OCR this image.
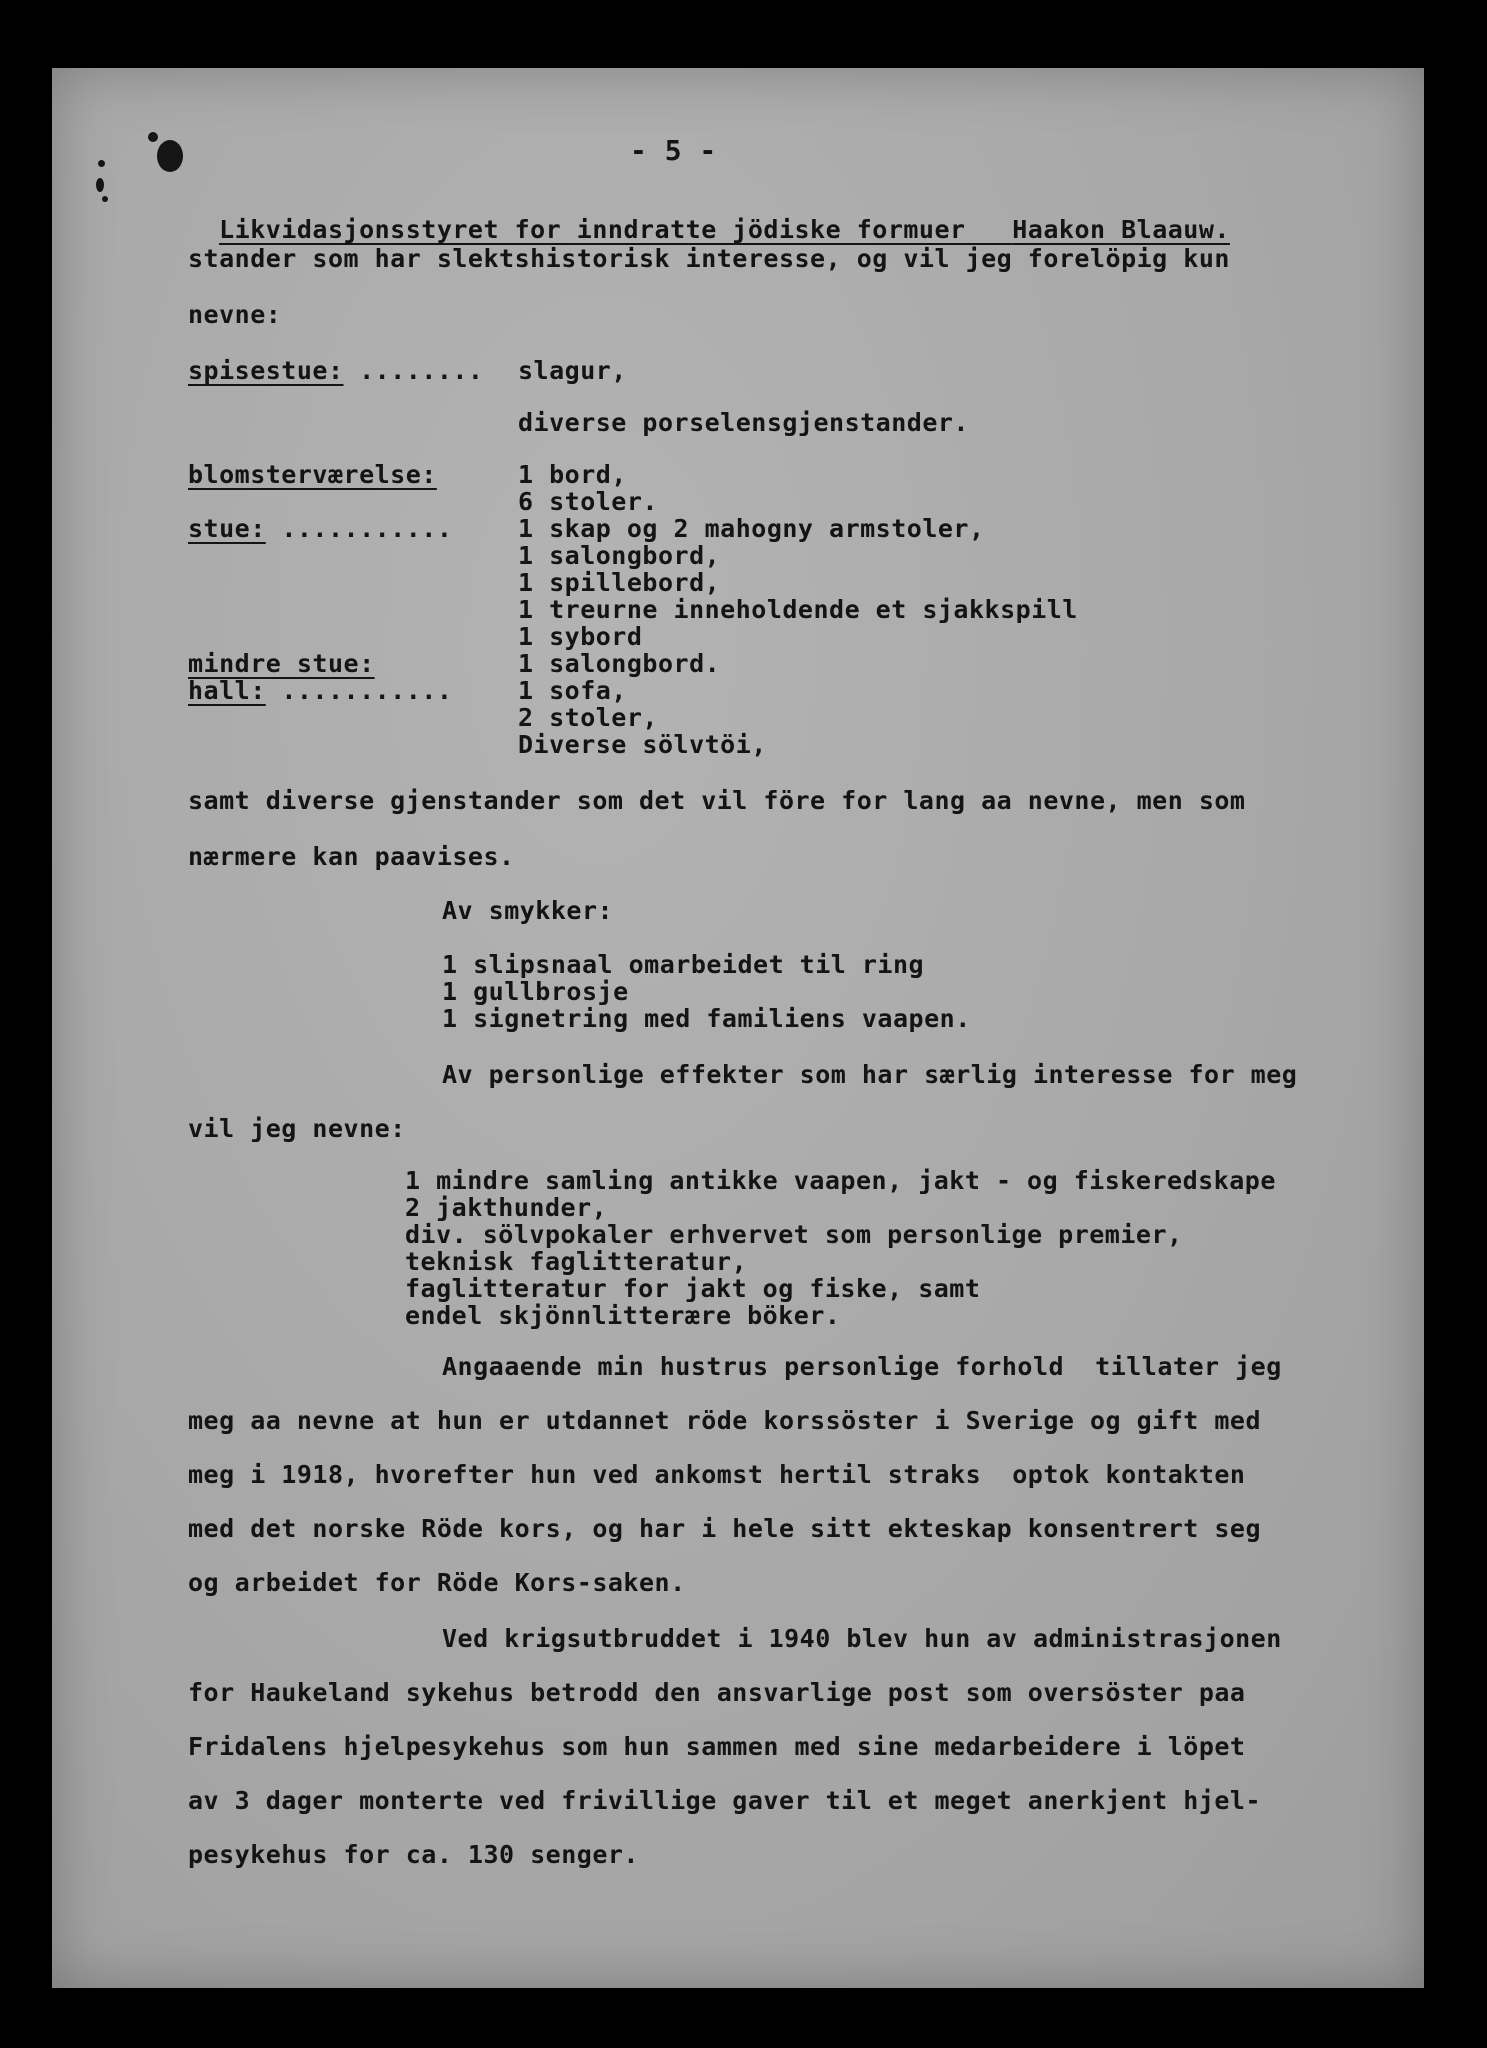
- 5 -

Likvidasjonsstyret for inndratte jödiske formuer Haakon Blaauw.

stander som har slektshistorisk interesse, og vil jeg forelöpig kun
nevne:
spisestue: ........ slagur,
diverse porselensgjenstander.
blomsterværelse:	1 bord,
6 stoler.
stue: ...........	1 skap og 2 mahogny armstoler,
1 salongbord,
1 spillebord,
1 treurne inneholdende et sjakkspill
1 sybord
mindre stue:	1 salongbord.
hall: ...........	1 sofa,
2 stoler,
Diverse sölvtöi,
samt diverse gjenstander som det vil före for lang aa nevne, men som
nærmere kan paavises.
Av smykker:
1 slipsnaal omarbeidet til ring
1 gullbrosje
1 signetring med familiens vaapen.
Av personlige effekter som har særlig interesse for meg
vil jeg nevne:
1 mindre samling antikke vaapen, jakt - og fiskeredskape
2 jakthunder,
div. sölvpokaler erhvervet som personlige premier,
teknisk faglitteratur,
faglitteratur for jakt og fiske, samt
endel skjönnlitterære böker.
Angaaende min hustrus personlige forhold  tillater jeg
meg aa nevne at hun er utdannet röde korssöster i Sverige og gift med
meg i 1918, hvorefter hun ved ankomst hertil straks  optok kontakten
med det norske Röde kors, og har i hele sitt ekteskap konsentrert seg
og arbeidet for Röde Kors-saken.
Ved krigsutbruddet i 1940 blev hun av administrasjonen
for Haukeland sykehus betrodd den ansvarlige post som oversöster paa
Fridalens hjelpesykehus som hun sammen med sine medarbeidere i löpet
av 3 dager monterte ved frivillige gaver til et meget anerkjent hjel-
pesykehus for ca. 130 senger.
